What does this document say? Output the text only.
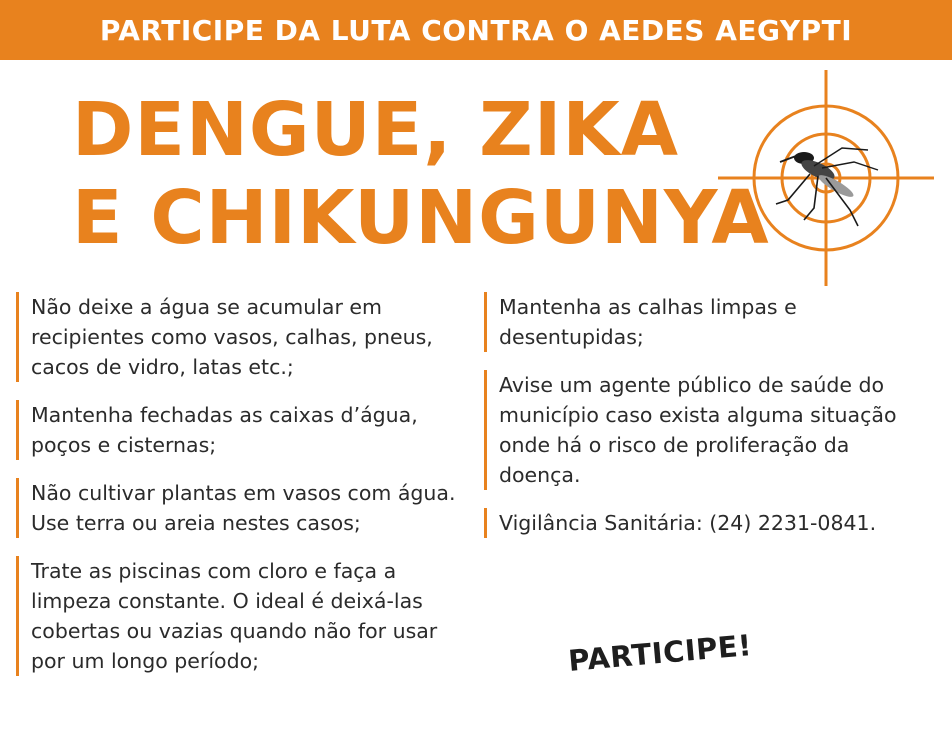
PARTICIPE DA LUTA CONTRA O AEDES AEGYPTI
DENGUE, ZIKA
E CHIKUNGUNYA
Não deixe a água se acumular em recipientes como vasos, calhas, pneus, cacos de vidro, latas etc.;
Mantenha fechadas as caixas d’água, poços e cisternas;
Não cultivar plantas em vasos com água. Use terra ou areia nestes casos;
Trate as piscinas com cloro e faça a limpeza constante. O ideal é deixá-las cobertas ou vazias quando não for usar por um longo período;
Mantenha as calhas limpas e desentupidas;
Avise um agente público de saúde do município caso exista alguma situação onde há o risco de proliferação da doença.
Vigilância Sanitária: (24) 2231-0841.
PARTICIPE!
